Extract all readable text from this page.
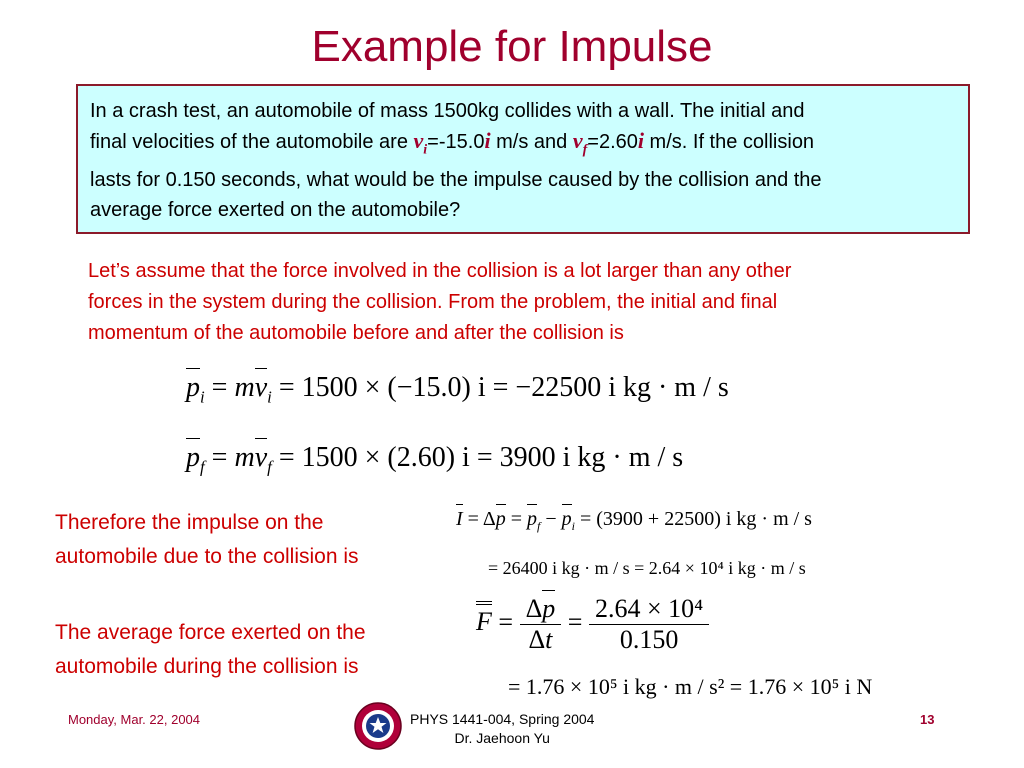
Example for Impulse
In a crash test, an automobile of mass 1500kg collides with a wall. The initial and
final velocities of the automobile are $v_i=-15.0i$ m/s and $v_f=2.60i$ m/s. If the collision
lasts for 0.150 seconds, what would be the impulse caused by the collision and the
average force exerted on the automobile?
Let’s assume that the force involved in the collision is a lot larger than any other
forces in the system during the collision. From the problem, the initial and final
momentum of the automobile before and after the collision is
$p_i = mv_i = 1500 \times (-15.0) i = -22500$ i kg · m / s
$p_f = mv_f = 1500 \times (2.60) i = 3900$ i kg · m / s
Therefore the impulse on the
automobile due to the collision is
$I = \Delta p = p_f - p_i = (3900 + 22500)$ i kg · m / s
= 26400 i kg · m / s = 2.64 × 10⁴ i kg · m / s
The average force exerted on the
automobile during the collision is
$F = \frac{\Delta p}{\Delta t} = \frac{\text{2.64 × 10⁴}}{0.150}$
= 1.76 × 10⁵ i kg · m / s² = 1.76 × 10⁵ i N
Monday, Mar. 22, 2004	PHYS 1441-004, Spring 2004
Dr. Jaehoon Yu
13
